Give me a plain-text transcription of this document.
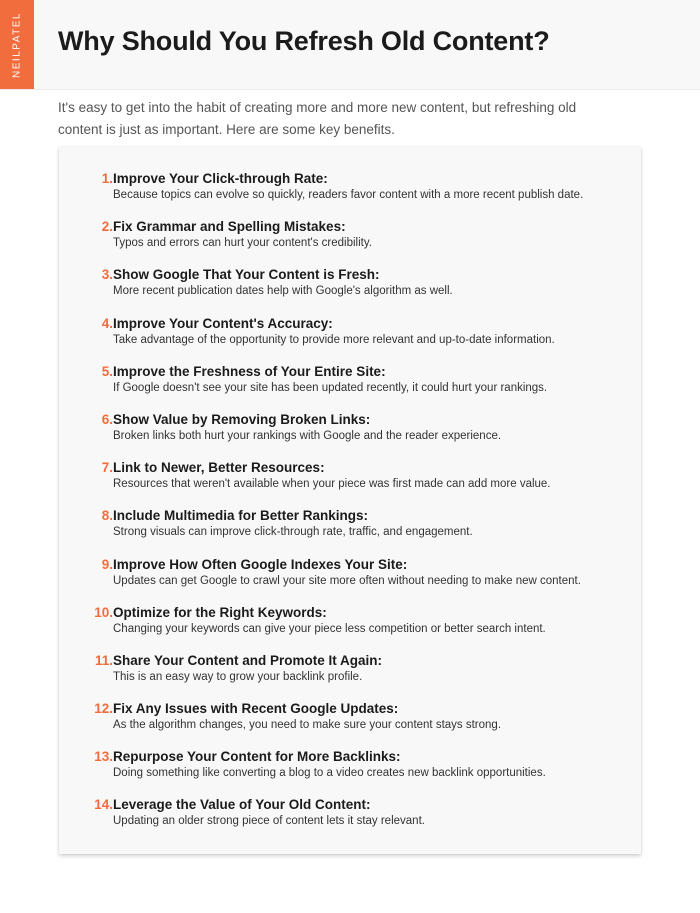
Why Should You Refresh Old Content?
NEILPATEL

It's easy to get into the habit of creating more and more new content, but refreshing old content is just as important. Here are some key benefits.

1. Improve Your Click-through Rate:
Because topics can evolve so quickly, readers favor content with a more recent publish date.
2. Fix Grammar and Spelling Mistakes:
Typos and errors can hurt your content's credibility.
3. Show Google That Your Content is Fresh:
More recent publication dates help with Google's algorithm as well.
4. Improve Your Content's Accuracy:
Take advantage of the opportunity to provide more relevant and up-to-date information.
5. Improve the Freshness of Your Entire Site:
If Google doesn't see your site has been updated recently, it could hurt your rankings.
6. Show Value by Removing Broken Links:
Broken links both hurt your rankings with Google and the reader experience.
7. Link to Newer, Better Resources:
Resources that weren't available when your piece was first made can add more value.
8. Include Multimedia for Better Rankings:
Strong visuals can improve click-through rate, traffic, and engagement.
9. Improve How Often Google Indexes Your Site:
Updates can get Google to crawl your site more often without needing to make new content.
10. Optimize for the Right Keywords:
Changing your keywords can give your piece less competition or better search intent.
11. Share Your Content and Promote It Again:
This is an easy way to grow your backlink profile.
12. Fix Any Issues with Recent Google Updates:
As the algorithm changes, you need to make sure your content stays strong.
13. Repurpose Your Content for More Backlinks:
Doing something like converting a blog to a video creates new backlink opportunities.
14. Leverage the Value of Your Old Content:
Updating an older strong piece of content lets it stay relevant.
